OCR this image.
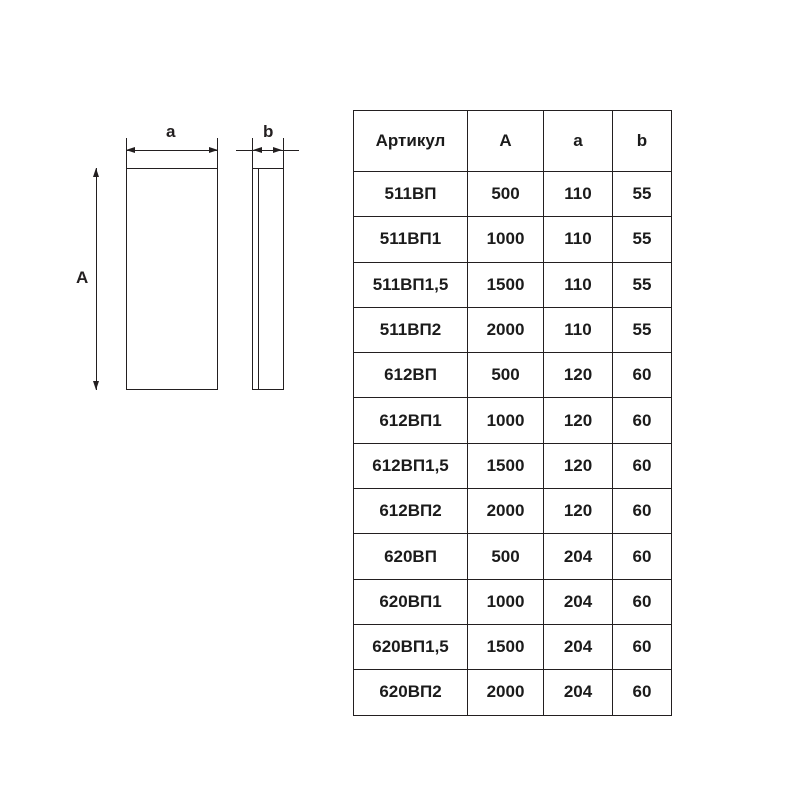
a	b
A
Артикул	A	a	b
511ВП	500	110	55
511ВП1	1000	110	55
511ВП1,5	1500	110	55
511ВП2	2000	110	55
612ВП	500	120	60
612ВП1	1000	120	60
612ВП1,5	1500	120	60
612ВП2	2000	120	60
620ВП	500	204	60
620ВП1	1000	204	60
620ВП1,5	1500	204	60
620ВП2	2000	204	60
